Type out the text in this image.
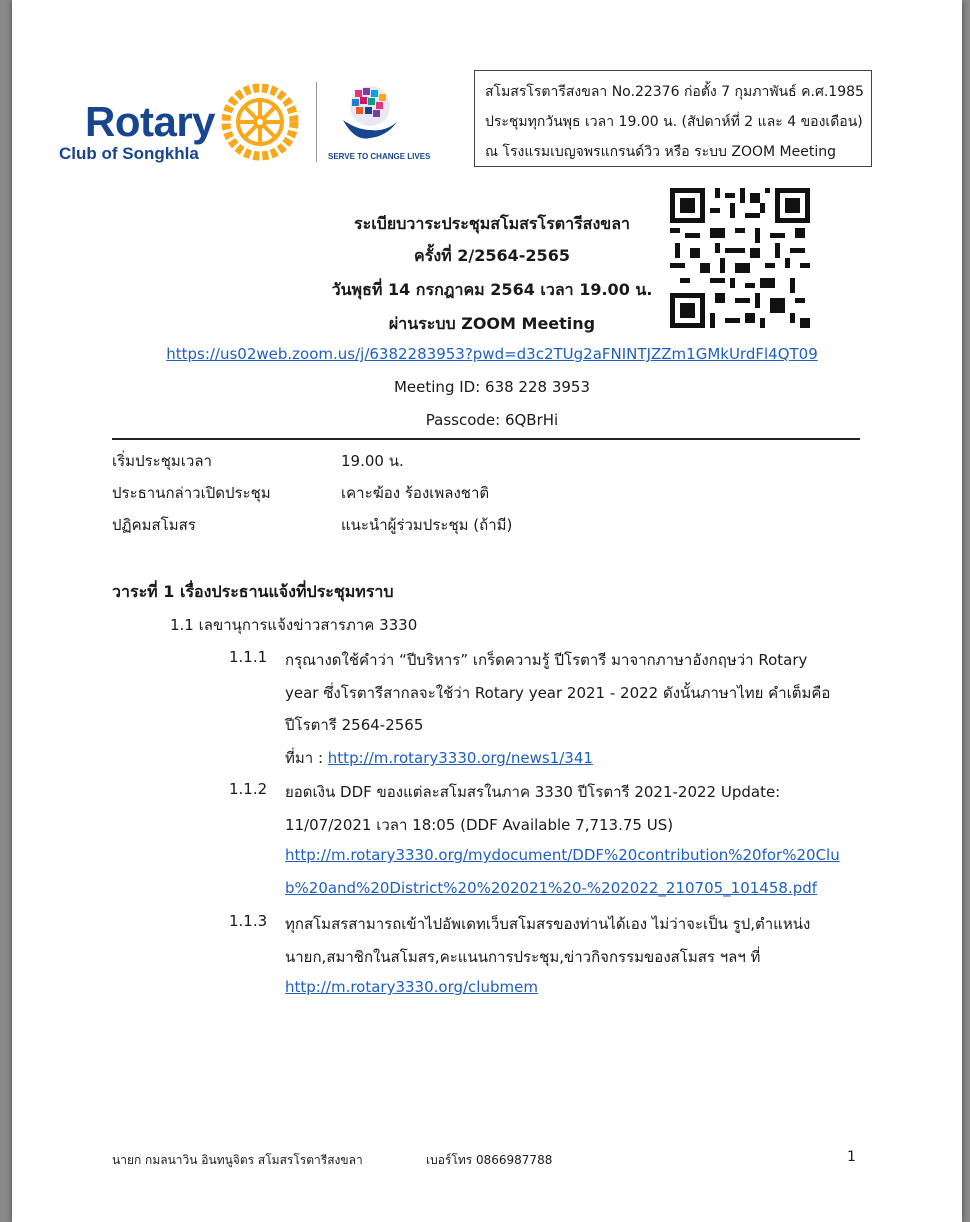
Rotary
Club of Songkhla	SERVE TO CHANGE LIVES
สโมสรโรตารีสงขลา No.22376 ก่อตั้ง 7 กุมภาพันธ์ ค.ศ.1985
ประชุมทุกวันพุธ เวลา 19.00 น. (สัปดาห์ที่ 2 และ 4 ของเดือน)
ณ โรงแรมเบญจพรแกรนด์วิว หรือ ระบบ ZOOM Meeting
ระเบียบวาระประชุมสโมสรโรตารีสงขลา
ครั้งที่ 2/2564-2565
วันพุธที่ 14 กรกฎาคม 2564 เวลา 19.00 น.
ผ่านระบบ ZOOM Meeting
https://us02web.zoom.us/j/6382283953?pwd=d3c2TUg2aFNINTJZZm1GMkUrdFl4QT09
Meeting ID: 638 228 3953
Passcode: 6QBrHi
เริ่มประชุมเวลา	19.00 น.
ประธานกล่าวเปิดประชุม	เคาะฆ้อง ร้องเพลงชาติ
ปฏิคมสโมสร	แนะนำผู้ร่วมประชุม (ถ้ามี)
วาระที่ 1 เรื่องประธานแจ้งที่ประชุมทราบ
1.1 เลขานุการแจ้งข่าวสารภาค 3330
1.1.1 กรุณางดใช้คำว่า “ปีบริหาร” เกร็ดความรู้ ปีโรตารี มาจากภาษาอังกฤษว่า Rotary
year ซึ่งโรตารีสากลจะใช้ว่า Rotary year 2021 - 2022 ดังนั้นภาษาไทย คำเต็มคือ
ปีโรตารี 2564-2565
ที่มา : http://m.rotary3330.org/news1/341
1.1.2 ยอดเงิน DDF ของแต่ละสโมสรในภาค 3330 ปีโรตารี 2021-2022 Update:
11/07/2021 เวลา 18:05 (DDF Available 7,713.75 US)
http://m.rotary3330.org/mydocument/DDF%20contribution%20for%20Clu
b%20and%20District%20%202021%20-%202022_210705_101458.pdf
1.1.3 ทุกสโมสรสามารถเข้าไปอัพเดทเว็บสโมสรของท่านได้เอง ไม่ว่าจะเป็น รูป,ตำแหน่ง
นายก,สมาชิกในสโมสร,คะแนนการประชุม,ข่าวกิจกรรมของสโมสร ฯลฯ ที่
http://m.rotary3330.org/clubmem
นายก กมลนาวิน อินทนูจิตร สโมสรโรตารีสงขลา	เบอร์โทร 0866987788	1
